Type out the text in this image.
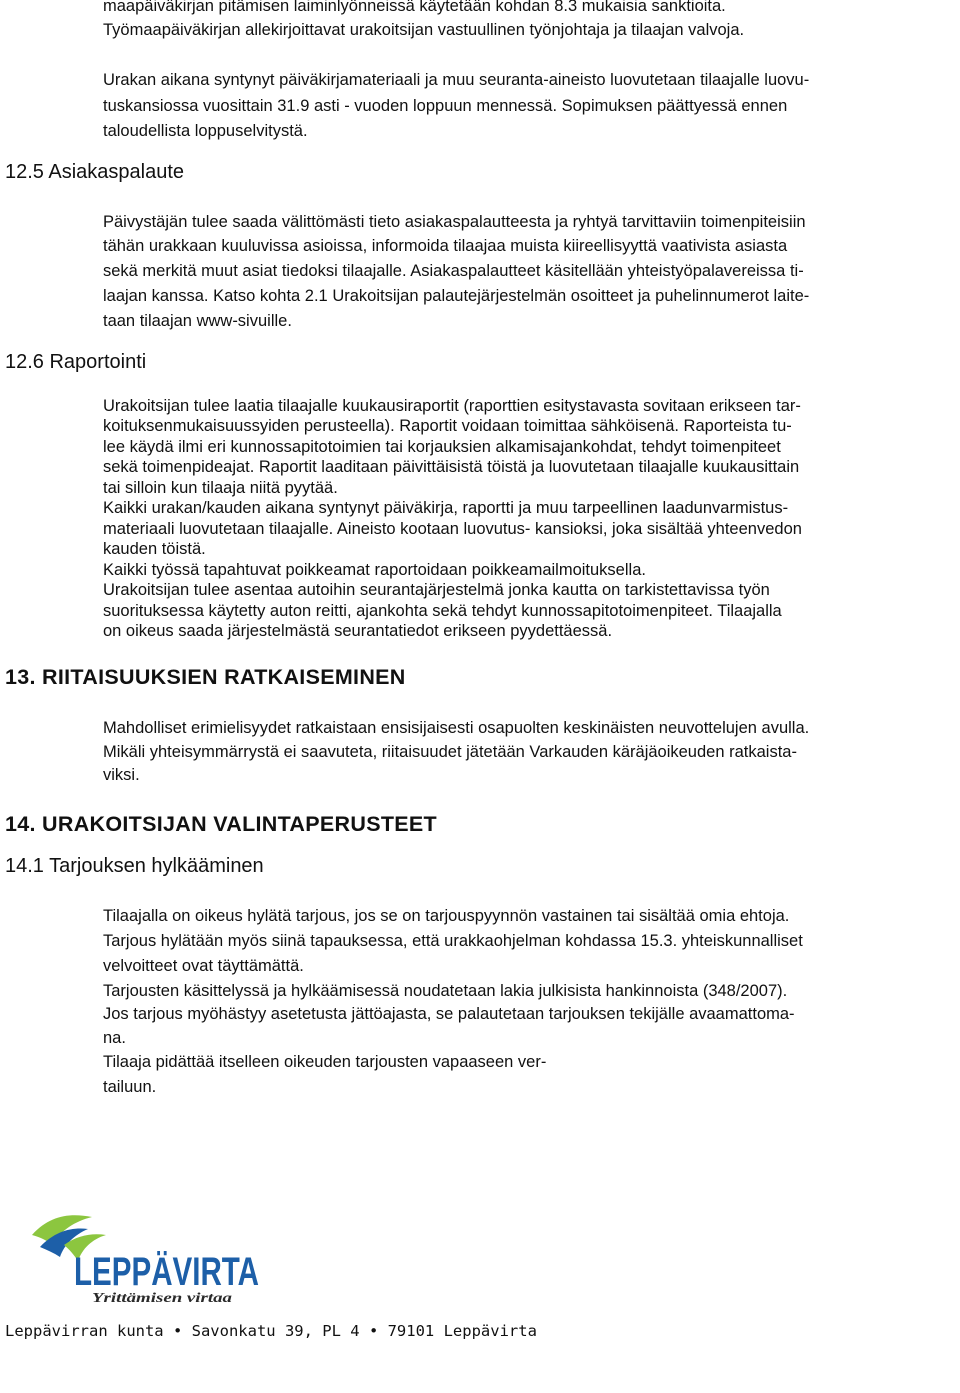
maapäiväkirjan pitämisen laiminlyönneissä käytetään kohdan 8.3 mukaisia sanktioita.
Työmaapäiväkirjan allekirjoittavat urakoitsijan vastuullinen työnjohtaja ja tilaajan valvoja.
Urakan aikana syntynyt päiväkirjamateriaali ja muu seuranta-aineisto luovutetaan tilaajalle luovu-
tuskansiossa vuosittain 31.9 asti - vuoden loppuun mennessä. Sopimuksen päättyessä ennen
taloudellista loppuselvitystä.
12.5 Asiakaspalaute
Päivystäjän tulee saada välittömästi tieto asiakaspalautteesta ja ryhtyä tarvittaviin toimenpiteisiin
tähän urakkaan kuuluvissa asioissa, informoida tilaajaa muista kiireellisyyttä vaativista asiasta
sekä merkitä muut asiat tiedoksi tilaajalle. Asiakaspalautteet käsitellään yhteistyöpalavereissa ti-
laajan kanssa. Katso kohta 2.1 Urakoitsijan palautejärjestelmän osoitteet ja puhelinnumerot laite-
taan tilaajan www-sivuille.
12.6 Raportointi
Urakoitsijan tulee laatia tilaajalle kuukausiraportit (raporttien esitystavasta sovitaan erikseen tar-
koituksenmukaisuussyiden perusteella). Raportit voidaan toimittaa sähköisenä. Raporteista tu-
lee käydä ilmi eri kunnossapitotoimien tai korjauksien alkamisajankohdat, tehdyt toimenpiteet
sekä toimenpideajat. Raportit laaditaan päivittäisistä töistä ja luovutetaan tilaajalle kuukausittain
tai silloin kun tilaaja niitä pyytää.
Kaikki urakan/kauden aikana syntynyt päiväkirja, raportti ja muu tarpeellinen laadunvarmistus-
materiaali luovutetaan tilaajalle. Aineisto kootaan luovutus- kansioksi, joka sisältää yhteenvedon
kauden töistä.
Kaikki työssä tapahtuvat poikkeamat raportoidaan poikkeamailmoituksella.
Urakoitsijan tulee asentaa autoihin seurantajärjestelmä jonka kautta on tarkistettavissa työn
suorituksessa käytetty auton reitti, ajankohta sekä tehdyt kunnossapitotoimenpiteet. Tilaajalla
on oikeus saada järjestelmästä seurantatiedot erikseen pyydettäessä.
13. RIITAISUUKSIEN RATKAISEMINEN
Mahdolliset erimielisyydet ratkaistaan ensisijaisesti osapuolten keskinäisten neuvottelujen avulla.
Mikäli yhteisymmärrystä ei saavuteta, riitaisuudet jätetään Varkauden käräjäoikeuden ratkaista-
viksi.
14. URAKOITSIJAN VALINTAPERUSTEET
14.1 Tarjouksen hylkääminen
Tilaajalla on oikeus hylätä tarjous, jos se on tarjouspyynnön vastainen tai sisältää omia ehtoja.
Tarjous hylätään myös siinä tapauksessa, että urakkaohjelman kohdassa 15.3. yhteiskunnalliset
velvoitteet ovat täyttämättä.
Tarjousten käsittelyssä ja hylkäämisessä noudatetaan lakia julkisista hankinnoista (348/2007).
Jos tarjous myöhästyy asetetusta jättöajasta, se palautetaan tarjouksen tekijälle avaamattoma-
na.
Tilaaja pidättää itselleen oikeuden tarjousten vapaaseen ver-
tailuun.
LEPPÄVIRTA
Yrittämisen virtaa
Leppävirran kunta • Savonkatu 39, PL 4 • 79101 Leppävirta
